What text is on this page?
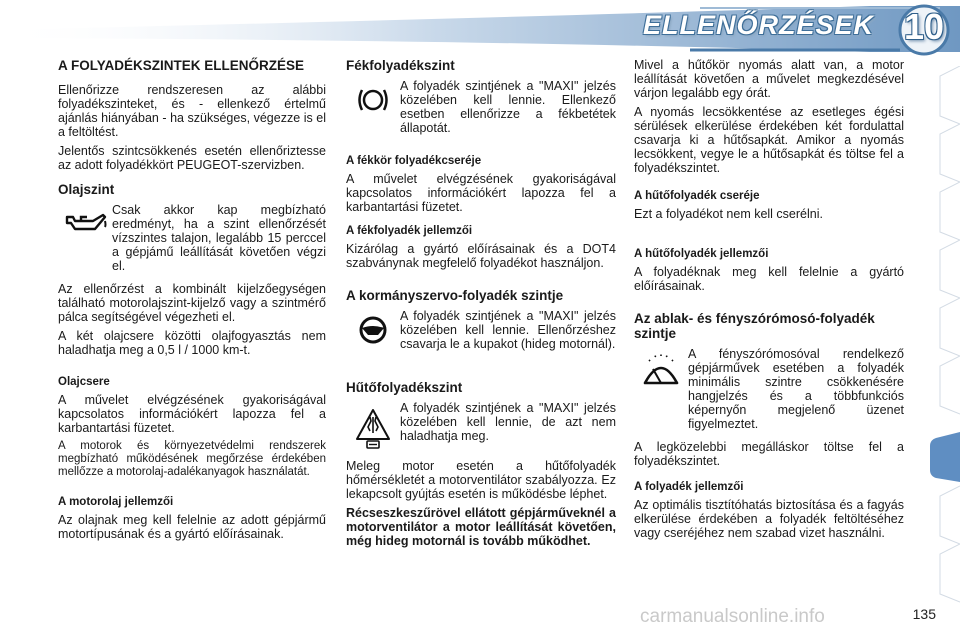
ELLENŐRZÉSEK 10
A FOLYADÉKSZINTEK ELLENŐRZÉSE

Ellenőrizze rendszeresen az alábbi folyadékszinteket, és - ellenkező értelmű ajánlás hiányában - ha szükséges, végezze is el a feltöltést.

Jelentős szintcsökkenés esetén ellenőriztesse az adott folyadékkört PEUGEOT-szervizben.

Olajszint

Csak akkor kap megbízható eredményt, ha a szint ellenőrzését vízszintes talajon, legalább 15 perccel a gépjámű leállítását követően végzi el.

Az ellenőrzést a kombinált kijelzőegységen található motorolajszint-kijelző vagy a szintmérő pálca segítségével végezheti el.

A két olajcsere közötti olajfogyasztás nem haladhatja meg a 0,5 l / 1000 km-t.

Olajcsere

A művelet elvégzésének gyakoriságával kapcsolatos információkért lapozza fel a karbantartási füzetet.

A motorok és környezetvédelmi rendszerek megbízható működésének megőrzése érdekében mellőzze a motorolaj-adalékanyagok használatát.

A motorolaj jellemzői

Az olajnak meg kell felelnie az adott gépjármű motortípusának és a gyártó előírásainak.

Fékfolyadékszint

A folyadék szintjének a "MAXI" jelzés közelében kell lennie. Ellenkező esetben ellenőrizze a fékbetétek állapotát.

A fékkör folyadékcseréje

A művelet elvégzésének gyakoriságával kapcsolatos információkért lapozza fel a karbantartási füzetet.

A fékfolyadék jellemzői

Kizárólag a gyártó előírásainak és a DOT4 szabványnak megfelelő folyadékot használjon.

A kormányszervo-folyadék szintje

A folyadék szintjének a "MAXI" jelzés közelében kell lennie. Ellenőrzéshez csavarja le a kupakot (hideg motornál).

Hűtőfolyadékszint

A folyadék szintjének a "MAXI" jelzés közelében kell lennie, de azt nem haladhatja meg.

Meleg motor esetén a hűtőfolyadék hőmérsékletét a motorventilátor szabályozza. Ez lekapcsolt gyújtás esetén is működésbe léphet.

Récseszkeszűrövel ellátott gépjárműveknél a motorventilátor a motor leállítását követően, még hideg motornál is tovább működhet.

Mivel a hűtőkör nyomás alatt van, a motor leállítását követően a művelet megkezdésével várjon legalább egy órát.

A nyomás lecsökkentése az esetleges égési sérülések elkerülése érdekében két fordulattal csavarja ki a hűtősapkát. Amikor a nyomás lecsökkent, vegye le a hűtősapkát és töltse fel a folyadékszintet.

A hűtőfolyadék cseréje

Ezt a folyadékot nem kell cserélni.

A hűtőfolyadék jellemzői

A folyadéknak meg kell felelnie a gyártó előírásainak.

Az ablak- és fényszórómosó-folyadék szintje

A fényszórómosóval rendelkező gépjárművek esetében a folyadék minimális szintre csökkenésére hangjelzés és a többfunkciós képernyőn megjelenő üzenet figyelmeztet.

A legközelebbi megálláskor töltse fel a folyadékszintet.

A folyadék jellemzői

Az optimális tisztítóhatás biztosítása és a fagyás elkerülése érdekében a folyadék feltöltéséhez vagy cseréjéhez nem szabad vizet használni.

carmanualsonline.info	135
